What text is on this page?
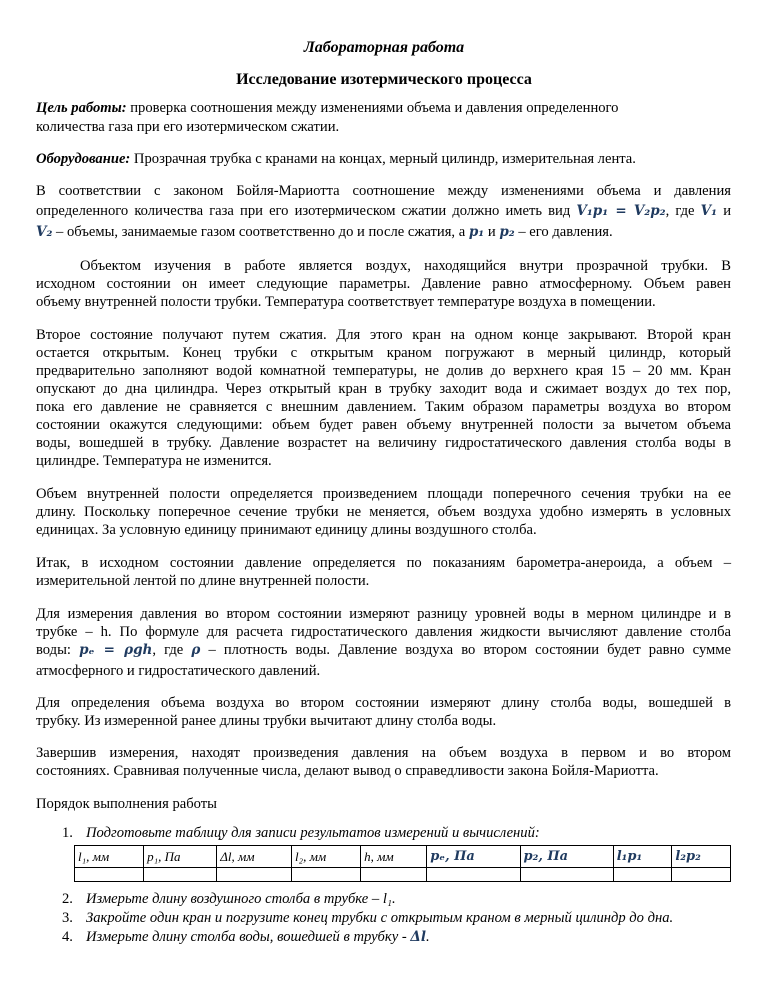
Лабораторная работа
Исследование изотермического процесса
Цель работы: проверка соотношения между изменениями объема и давления определенного
количества газа при его изотермическом сжатии.
Оборудование: Прозрачная трубка с кранами на концах, мерный цилиндр, измерительная лента.
В соответствии с законом Бойля-Мариотта соотношение между изменениями объема и давления
определенного количества газа при его изотермическом сжатии должно иметь вид V₁p₁ = V₂p₂, где V₁ и
V₂ – объемы, занимаемые газом соответственно до и после сжатия, а p₁ и p₂ – его давления.
Объектом изучения в работе является воздух, находящийся внутри прозрачной трубки. В
исходном состоянии он имеет следующие параметры. Давление равно атмосферному. Объем равен
объему внутренней полости трубки. Температура соответствует температуре воздуха в помещении.
Второе состояние получают путем сжатия. Для этого кран на одном конце закрывают. Второй кран
остается открытым. Конец трубки с открытым краном погружают в мерный цилиндр, который
предварительно заполняют водой комнатной температуры, не долив до верхнего края 15 – 20 мм. Кран
опускают до дна цилиндра. Через открытый кран в трубку заходит вода и сжимает воздух до тех пор,
пока его давление не сравняется с внешним давлением. Таким образом параметры воздуха во втором
состоянии окажутся следующими: объем будет равен объему внутренней полости за вычетом объема
воды, вошедшей в трубку. Давление возрастет на величину гидростатического давления столба воды в
цилиндре. Температура не изменится.
Объем внутренней полости определяется произведением площади поперечного сечения трубки на ее
длину. Поскольку поперечное сечение трубки не меняется, объем воздуха удобно измерять в условных
единицах. За условную единицу принимают единицу длины воздушного столба.
Итак, в исходном состоянии давление определяется по показаниям барометра-анероида, а объем –
измерительной лентой по длине внутренней полости.
Для измерения давления во втором состоянии измеряют разницу уровней воды в мерном цилиндре и в
трубке – h. По формуле для расчета гидростатического давления жидкости вычисляют давление столба
воды: pₑ = ρgh, где ρ – плотность воды. Давление воздуха во втором состоянии будет равно сумме
атмосферного и гидростатического давлений.
Для определения объема воздуха во втором состоянии измеряют длину столба воды, вошедшей в
трубку. Из измеренной ранее длины трубки вычитают длину столба воды.
Завершив измерения, находят произведения давления на объем воздуха в первом и во втором
состояниях. Сравнивая полученные числа, делают вывод о справедливости закона Бойля-Мариотта.
Порядок выполнения работы
1. Подготовьте таблицу для записи результатов измерений и вычислений:
l₁, мм	p₁, Па	Δl, мм	l₂, мм	h, мм	pₑ, Па	p₂, Па	l₁p₁	l₂p₂

2. Измерьте длину воздушного столба в трубке – l₁.
3. Закройте один кран и погрузите конец трубки с открытым краном в мерный цилиндр до дна.
4. Измерьте длину столба воды, вошедшей в трубку - Δl.
